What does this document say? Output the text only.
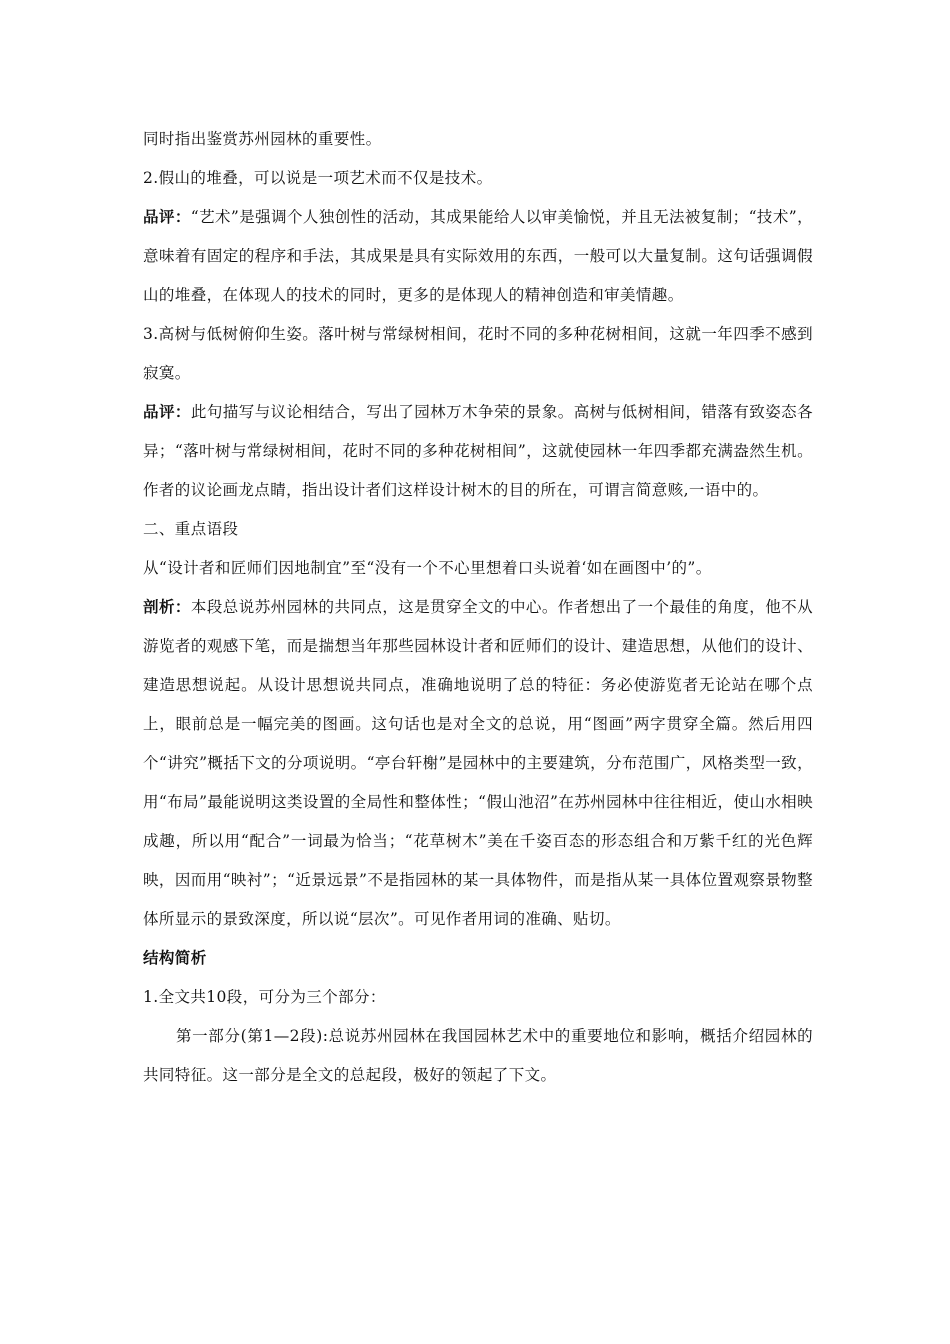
同时指出鉴赏苏州园林的重要性。

2.假山的堆叠，可以说是一项艺术而不仅是技术。

品评：“艺术”是强调个人独创性的活动，其成果能给人以审美愉悦，并且无法被复制；“技术”，意味着有固定的程序和手法，其成果是具有实际效用的东西，一般可以大量复制。这句话强调假山的堆叠，在体现人的技术的同时，更多的是体现人的精神创造和审美情趣。

3.高树与低树俯仰生姿。落叶树与常绿树相间，花时不同的多种花树相间，这就一年四季不感到寂寞。

品评：此句描写与议论相结合，写出了园林万木争荣的景象。高树与低树相间，错落有致姿态各异；“落叶树与常绿树相间，花时不同的多种花树相间”，这就使园林一年四季都充满盎然生机。作者的议论画龙点睛，指出设计者们这样设计树木的目的所在，可谓言简意赅,一语中的。

二、重点语段

从“设计者和匠师们因地制宜”至“没有一个不心里想着口头说着‘如在画图中’的”。

剖析：本段总说苏州园林的共同点，这是贯穿全文的中心。作者想出了一个最佳的角度，他不从游览者的观感下笔，而是揣想当年那些园林设计者和匠师们的设计、建造思想，从他们的设计、建造思想说起。从设计思想说共同点，准确地说明了总的特征：务必使游览者无论站在哪个点上，眼前总是一幅完美的图画。这句话也是对全文的总说，用“图画”两字贯穿全篇。然后用四个“讲究”概括下文的分项说明。“亭台轩榭”是园林中的主要建筑，分布范围广，风格类型一致，用“布局”最能说明这类设置的全局性和整体性；“假山池沼”在苏州园林中往往相近，使山水相映成趣，所以用“配合”一词最为恰当；“花草树木”美在千姿百态的形态组合和万紫千红的光色辉映，因而用“映衬”；“近景远景”不是指园林的某一具体物件，而是指从某一具体位置观察景物整体所显示的景致深度，所以说“层次”。可见作者用词的准确、贴切。

结构简析

1.全文共10段，可分为三个部分：

第一部分(第1—2段):总说苏州园林在我国园林艺术中的重要地位和影响，概括介绍园林的共同特征。这一部分是全文的总起段，极好的领起了下文。
